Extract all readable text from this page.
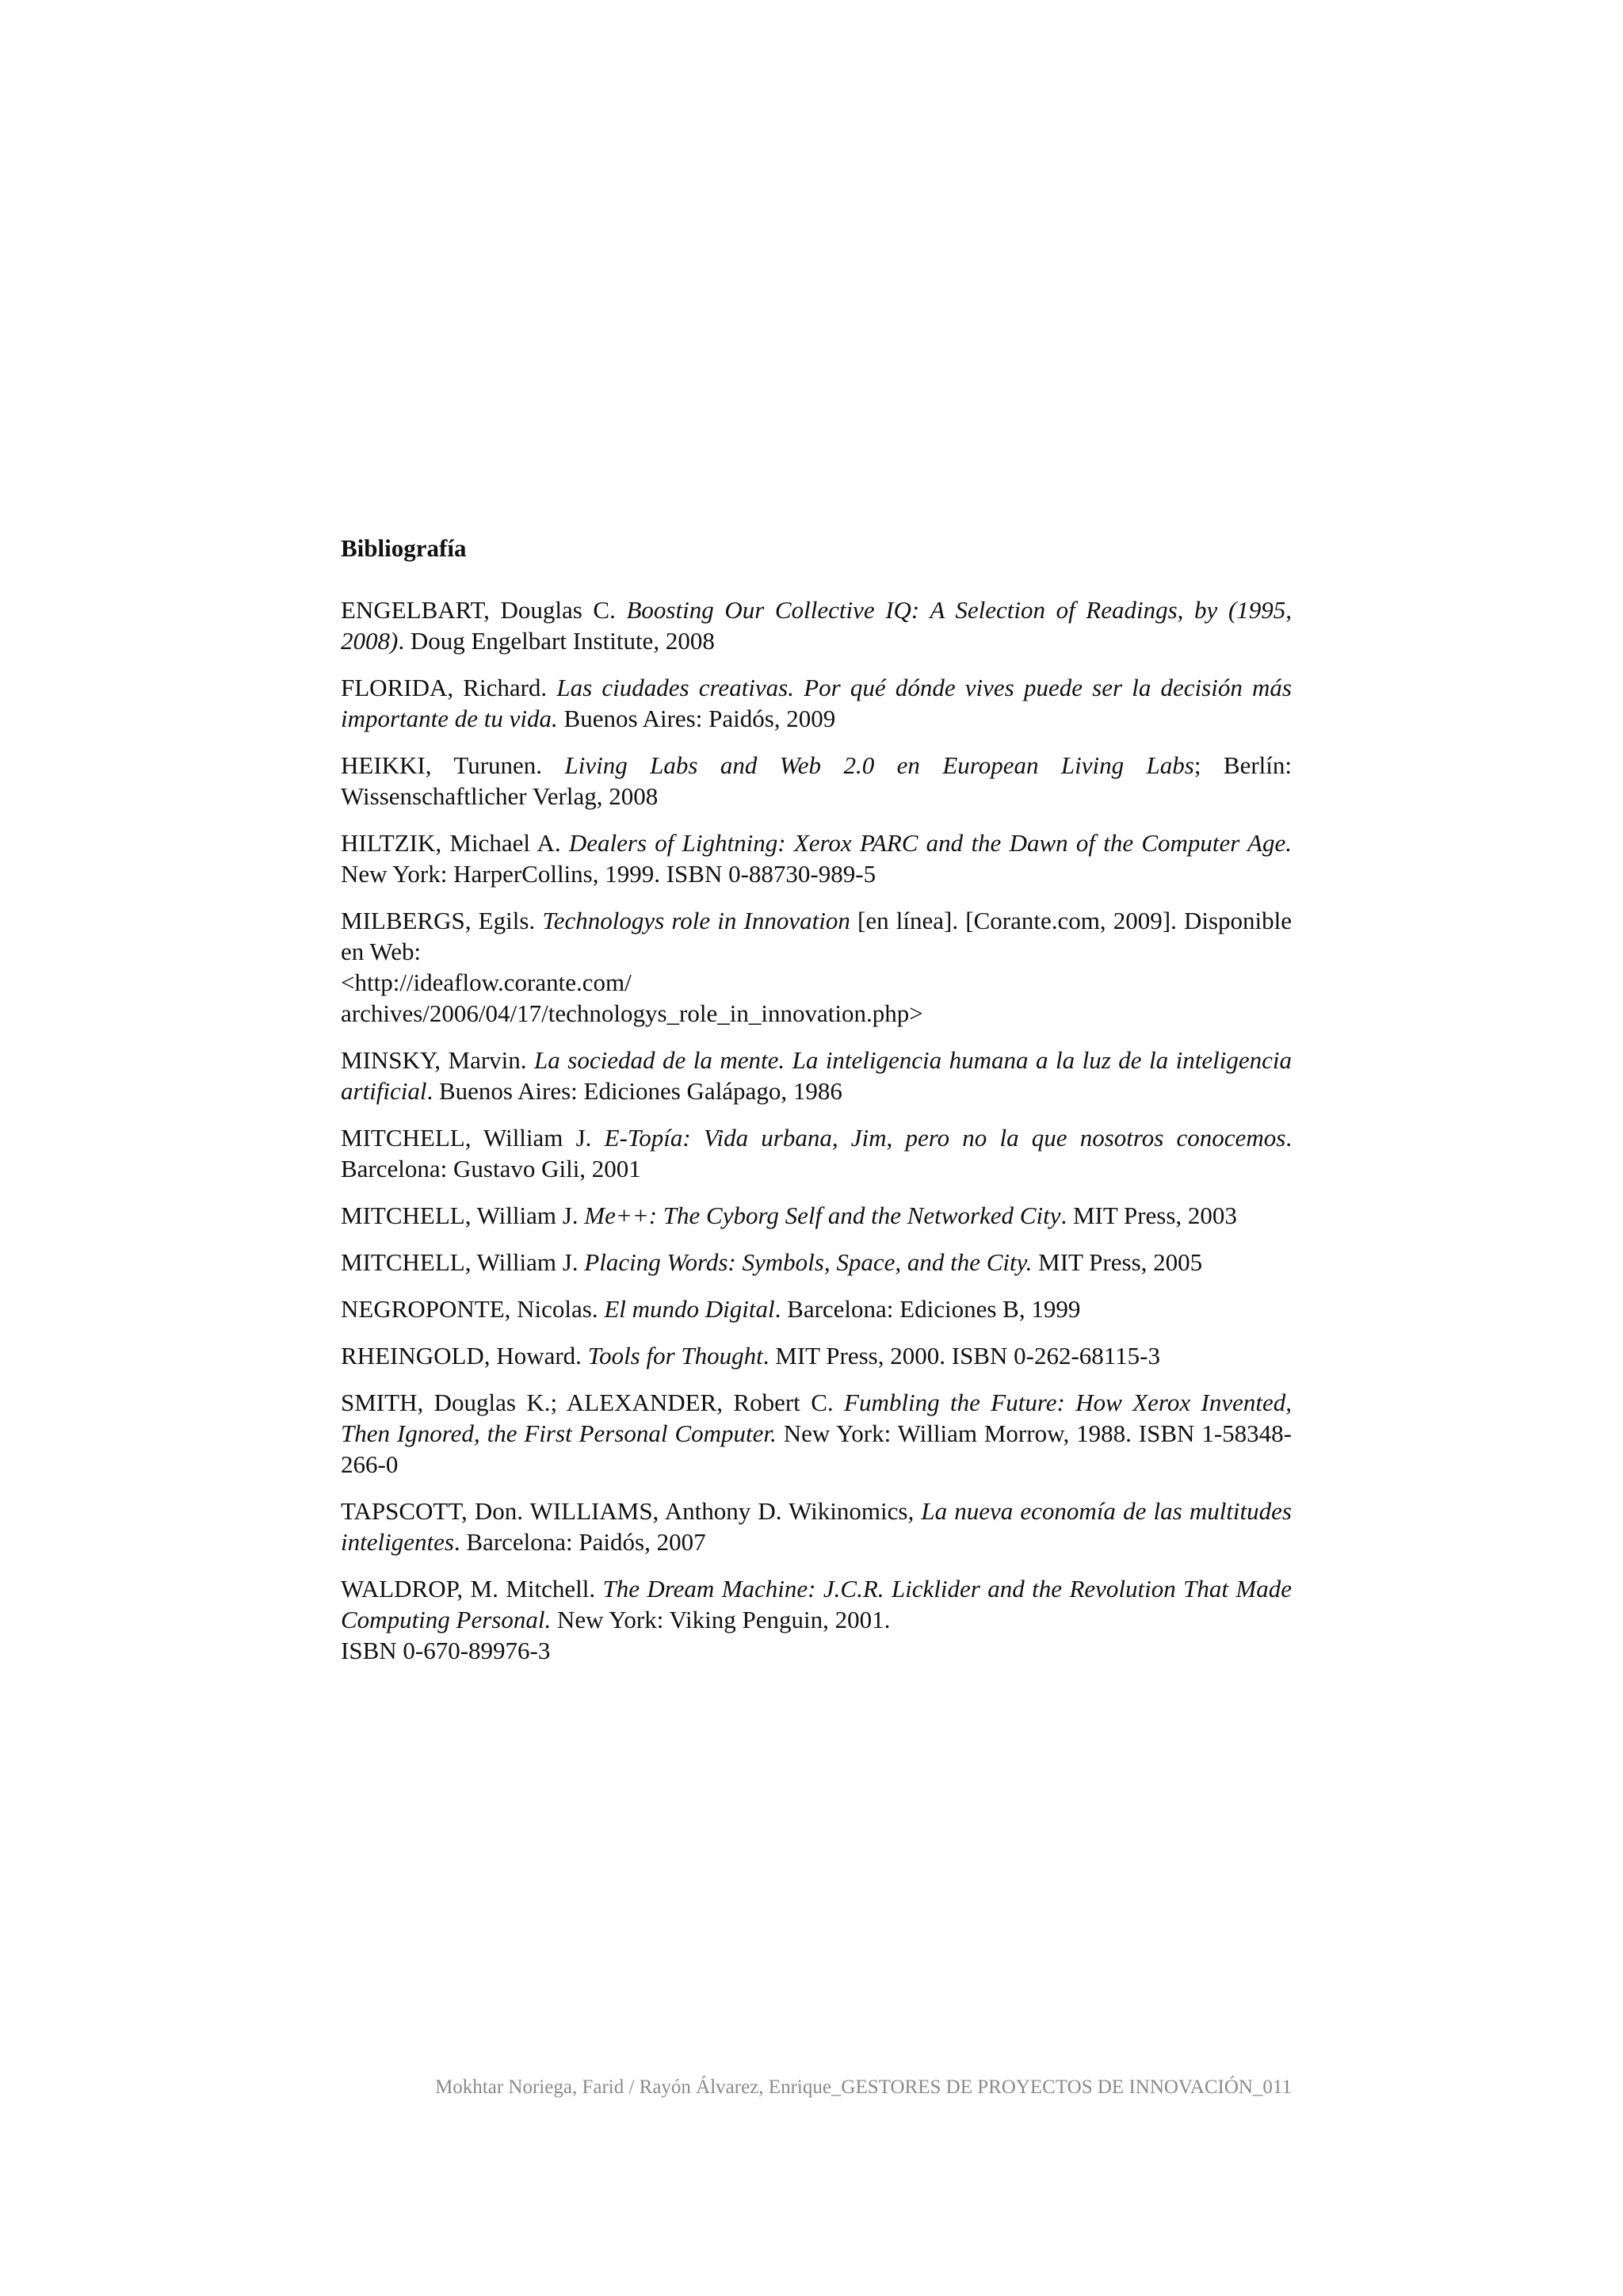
Bibliografía

ENGELBART, Douglas C. Boosting Our Collective IQ: A Selection of Readings, by (1995, 2008). Doug Engelbart Institute, 2008

FLORIDA, Richard. Las ciudades creativas. Por qué dónde vives puede ser la decisión más importante de tu vida. Buenos Aires: Paidós, 2009

HEIKKI, Turunen. Living Labs and Web 2.0 en European Living Labs; Berlín: Wissenschaftlicher Verlag, 2008

HILTZIK, Michael A. Dealers of Lightning: Xerox PARC and the Dawn of the Computer Age. New York: HarperCollins, 1999. ISBN 0-88730-989-5

MILBERGS, Egils. Technologys role in Innovation [en línea]. [Corante.com, 2009]. Disponible en Web:
<http://ideaflow.corante.com/
archives/2006/04/17/technologys_role_in_innovation.php>

MINSKY, Marvin. La sociedad de la mente. La inteligencia humana a la luz de la inteligencia artificial. Buenos Aires: Ediciones Galápago, 1986

MITCHELL, William J. E-Topía: Vida urbana, Jim, pero no la que nosotros conocemos. Barcelona: Gustavo Gili, 2001

MITCHELL, William J. Me++: The Cyborg Self and the Networked City. MIT Press, 2003

MITCHELL, William J. Placing Words: Symbols, Space, and the City. MIT Press, 2005

NEGROPONTE, Nicolas. El mundo Digital. Barcelona: Ediciones B, 1999

RHEINGOLD, Howard. Tools for Thought. MIT Press, 2000. ISBN 0-262-68115-3

SMITH, Douglas K.; ALEXANDER, Robert C. Fumbling the Future: How Xerox Invented, Then Ignored, the First Personal Computer. New York: William Morrow, 1988. ISBN 1-58348-266-0

TAPSCOTT, Don. WILLIAMS, Anthony D. Wikinomics, La nueva economía de las multitudes inteligentes. Barcelona: Paidós, 2007

WALDROP, M. Mitchell. The Dream Machine: J.C.R. Licklider and the Revolution That Made Computing Personal. New York: Viking Penguin, 2001.
ISBN 0-670-89976-3

Mokhtar Noriega, Farid / Rayón Álvarez, Enrique_GESTORES DE PROYECTOS DE INNOVACIÓN_011
